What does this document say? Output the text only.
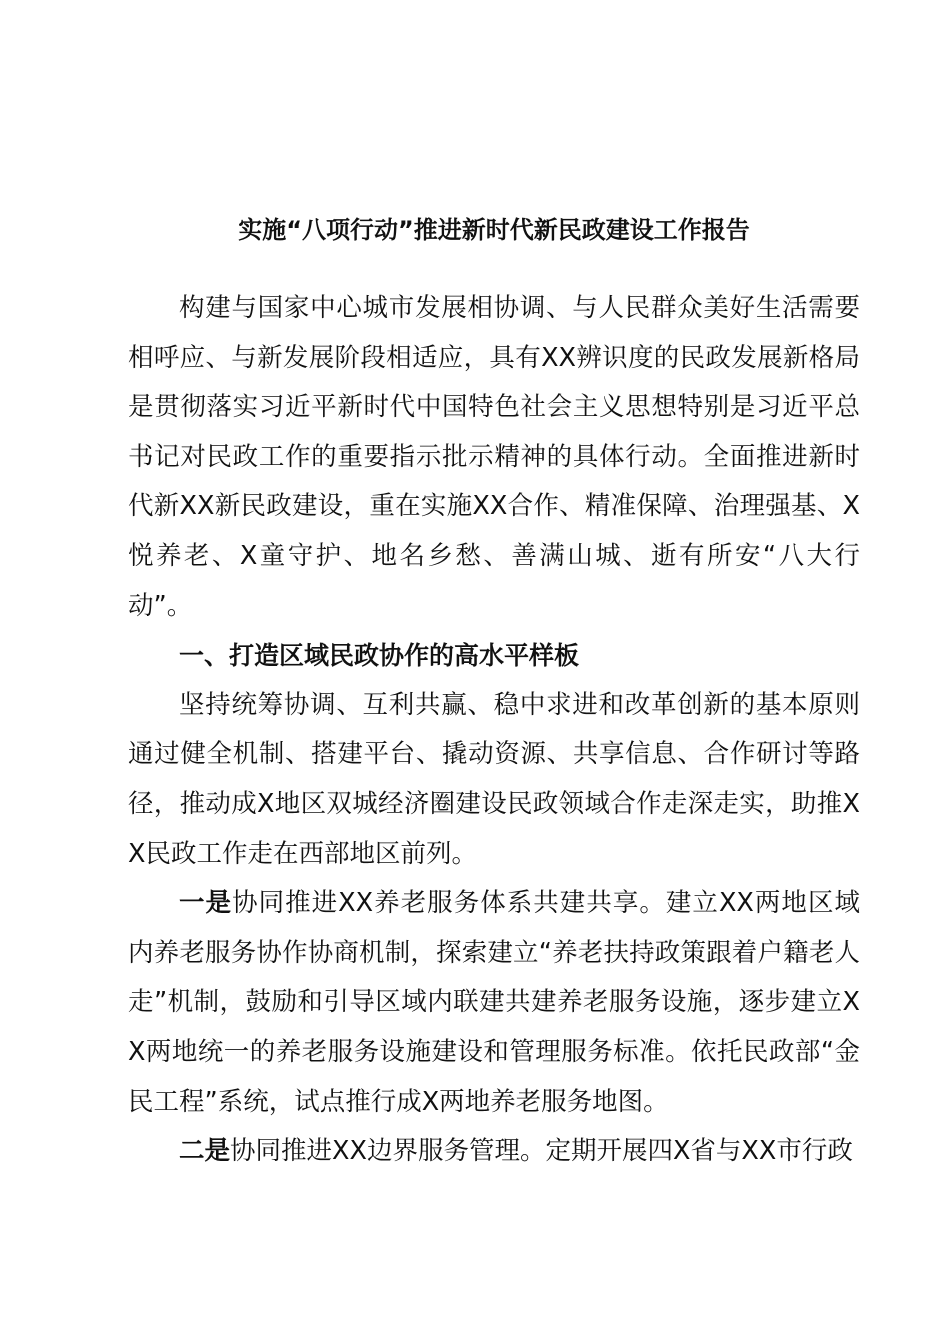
实施“八项行动”推进新时代新民政建设工作报告

构建与国家中心城市发展相协调、与人民群众美好生活需要相呼应、与新发展阶段相适应，具有XX辨识度的民政发展新格局是贯彻落实习近平新时代中国特色社会主义思想特别是习近平总书记对民政工作的重要指示批示精神的具体行动。全面推进新时代新XX新民政建设，重在实施XX合作、精准保障、治理强基、X悦养老、X童守护、地名乡愁、善满山城、逝有所安“八大行动”。

一、打造区域民政协作的高水平样板

坚持统筹协调、互利共赢、稳中求进和改革创新的基本原则通过健全机制、搭建平台、撬动资源、共享信息、合作研讨等路径，推动成X地区双城经济圈建设民政领域合作走深走实，助推XX民政工作走在西部地区前列。

一是协同推进XX养老服务体系共建共享。建立XX两地区域内养老服务协作协商机制，探索建立“养老扶持政策跟着户籍老人走”机制，鼓励和引导区域内联建共建养老服务设施，逐步建立XX两地统一的养老服务设施建设和管理服务标准。依托民政部“金民工程”系统，试点推行成X两地养老服务地图。

二是协同推进XX边界服务管理。定期开展四X省与XX市行政
